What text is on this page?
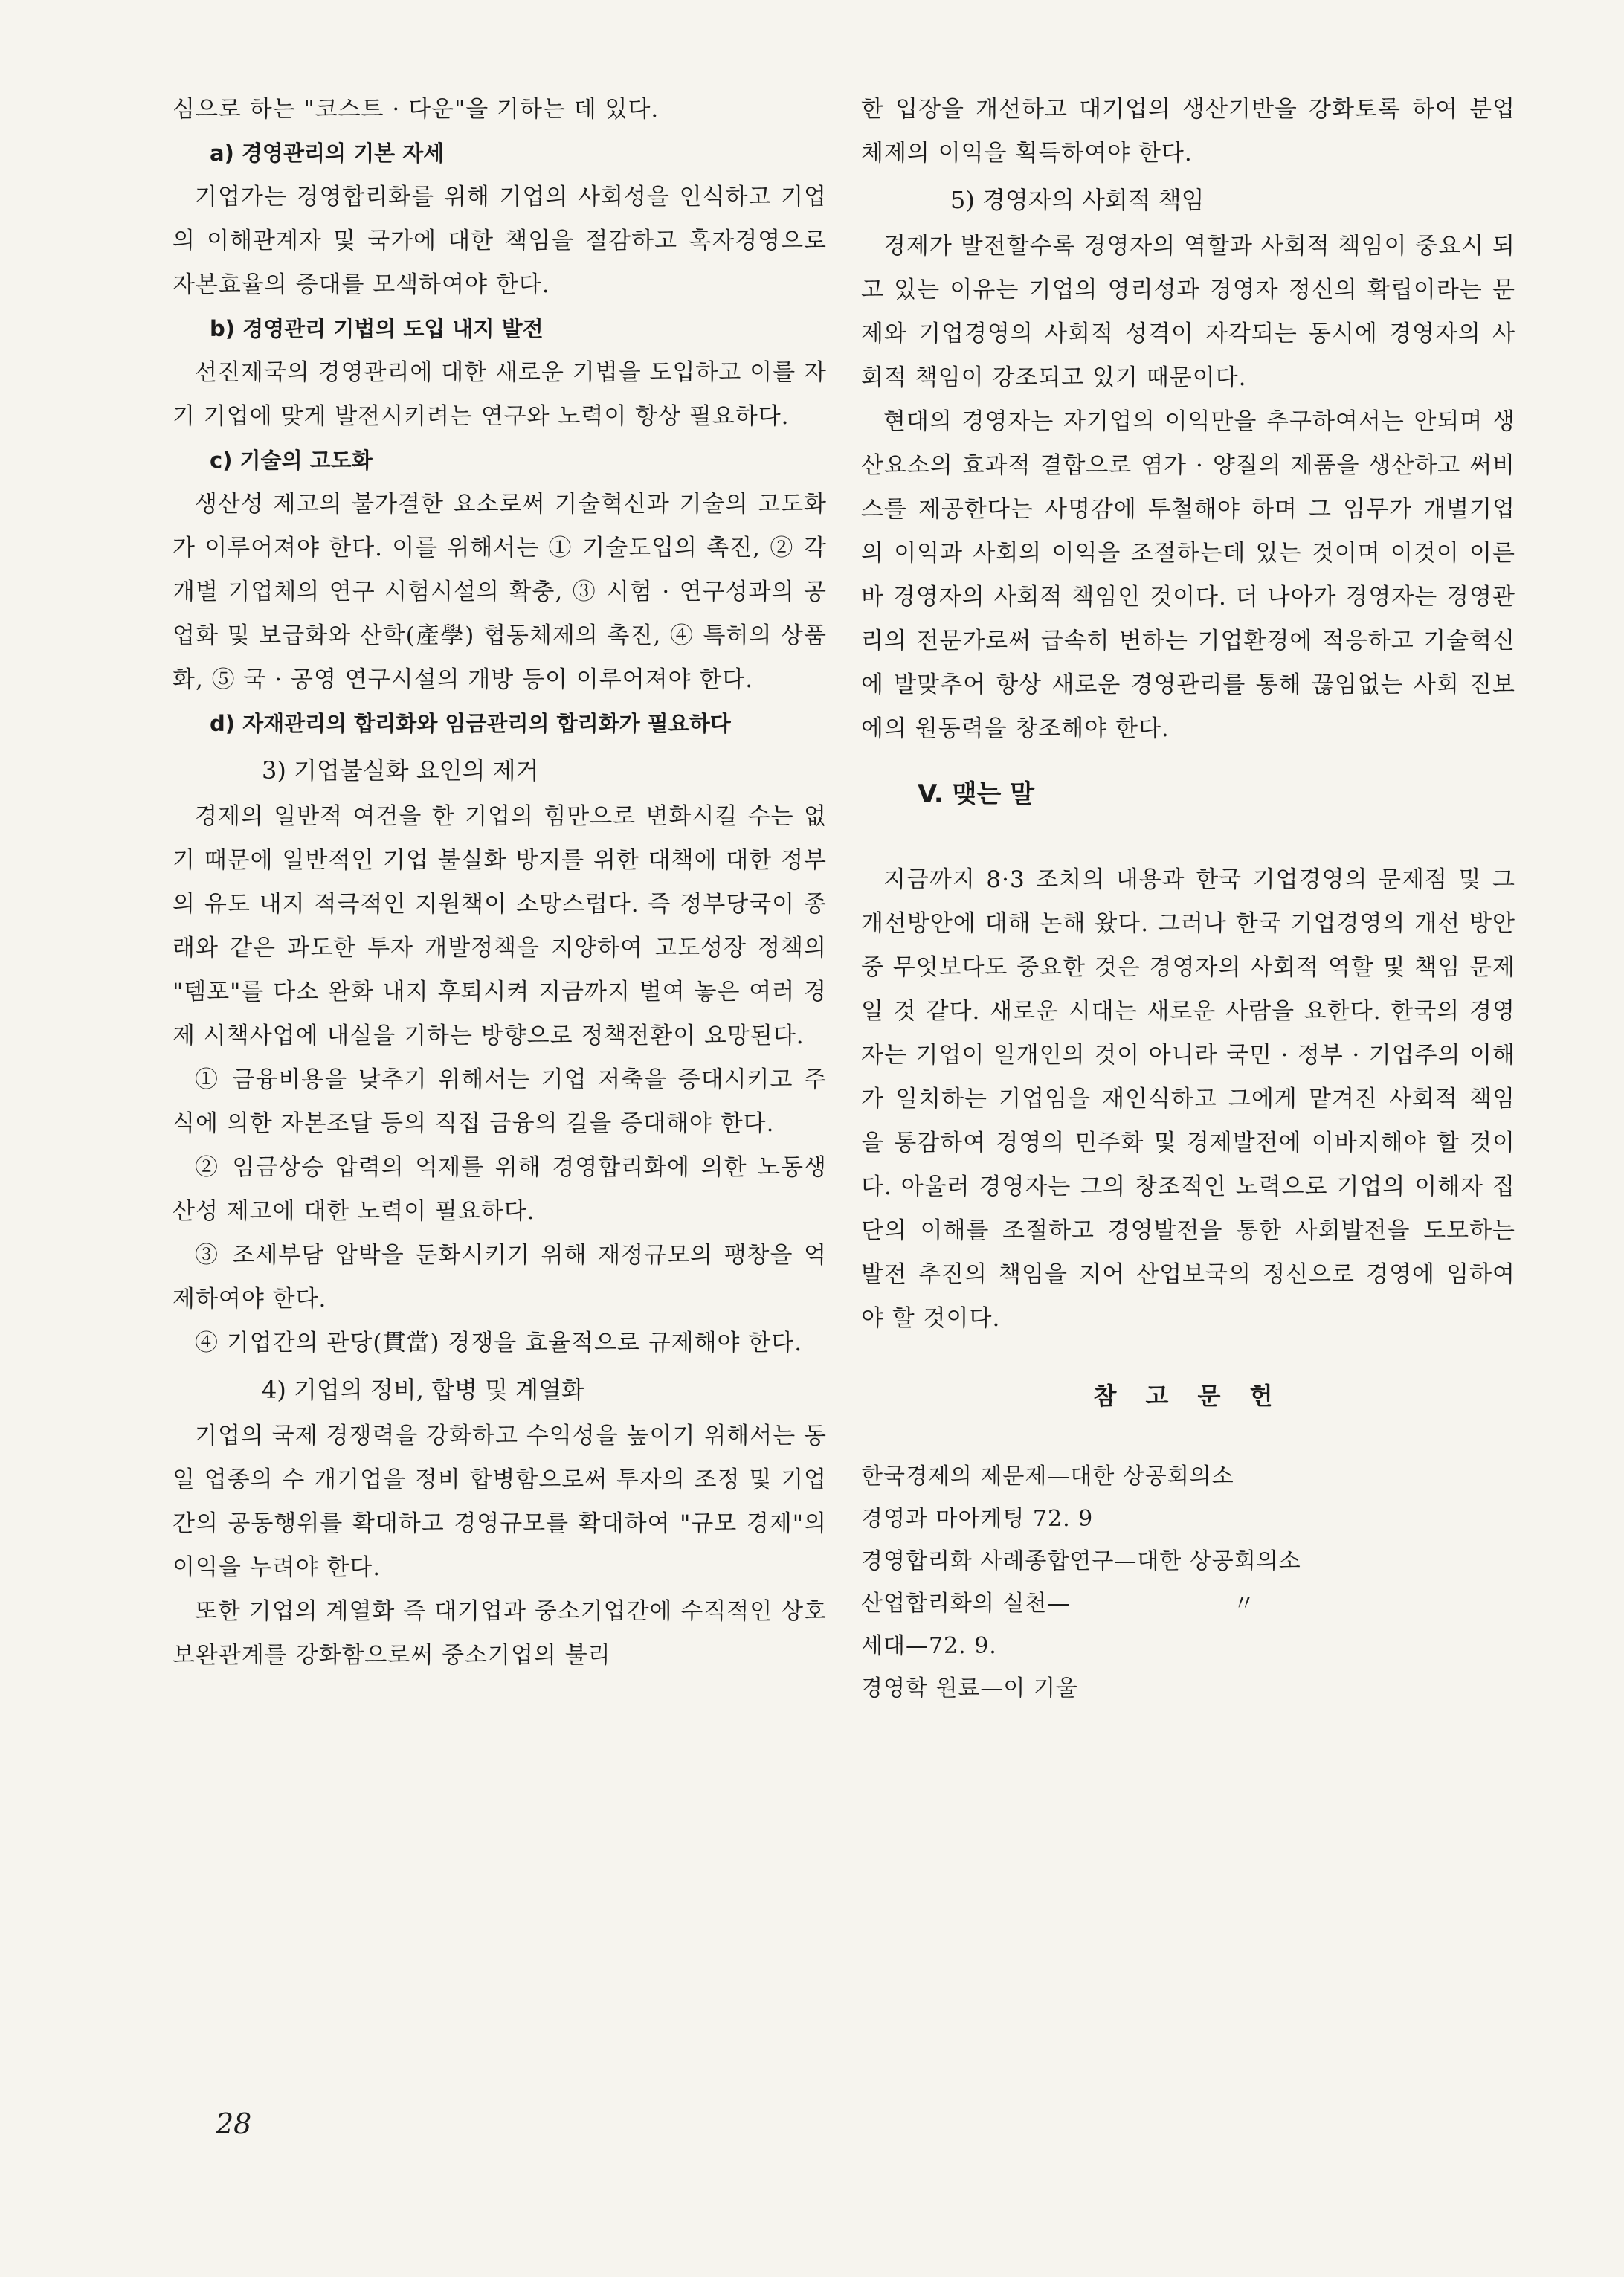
심으로 하는 "코스트 · 다운"을 기하는 데 있다.

a) 경영관리의 기본 자세

기업가는 경영합리화를 위해 기업의 사회성을 인식하고 기업의 이해관계자 및 국가에 대한 책임을 절감하고 혹자경영으로 자본효율의 증대를 모색하여야 한다.

b) 경영관리 기법의 도입 내지 발전

선진제국의 경영관리에 대한 새로운 기법을 도입하고 이를 자기 기업에 맞게 발전시키려는 연구와 노력이 항상 필요하다.

c) 기술의 고도화

생산성 제고의 불가결한 요소로써 기술혁신과 기술의 고도화가 이루어져야 한다. 이를 위해서는 ① 기술도입의 촉진, ② 각 개별 기업체의 연구 시험시설의 확충, ③ 시험 · 연구성과의 공업화 및 보급화와 산학(產學) 협동체제의 촉진, ④ 특허의 상품화, ⑤ 국 · 공영 연구시설의 개방 등이 이루어져야 한다.

d) 자재관리의 합리화와 임금관리의 합리화가 필요하다
3) 기업불실화 요인의 제거

경제의 일반적 여건을 한 기업의 힘만으로 변화시킬 수는 없기 때문에 일반적인 기업 불실화 방지를 위한 대책에 대한 정부의 유도 내지 적극적인 지원책이 소망스럽다. 즉 정부당국이 종래와 같은 과도한 투자 개발정책을 지양하여 고도성장 정책의 "템포"를 다소 완화 내지 후퇴시켜 지금까지 벌여 놓은 여러 경제 시책사업에 내실을 기하는 방향으로 정책전환이 요망된다.

① 금융비용을 낮추기 위해서는 기업 저축을 증대시키고 주식에 의한 자본조달 등의 직접 금융의 길을 증대해야 한다.

② 임금상승 압력의 억제를 위해 경영합리화에 의한 노동생산성 제고에 대한 노력이 필요하다.

③ 조세부담 압박을 둔화시키기 위해 재정규모의 팽창을 억제하여야 한다.

④ 기업간의 관당(貫當) 경쟁을 효율적으로 규제해야 한다.

4) 기업의 정비, 합병 및 계열화

기업의 국제 경쟁력을 강화하고 수익성을 높이기 위해서는 동일 업종의 수 개기업을 정비 합병함으로써 투자의 조정 및 기업간의 공동행위를 확대하고 경영규모를 확대하여 "규모 경제"의 이익을 누려야 한다.

또한 기업의 계열화 즉 대기업과 중소기업간에 수직적인 상호 보완관계를 강화함으로써 중소기업의 불리

한 입장을 개선하고 대기업의 생산기반을 강화토록 하여 분업체제의 이익을 획득하여야 한다.

5) 경영자의 사회적 책임

경제가 발전할수록 경영자의 역할과 사회적 책임이 중요시 되고 있는 이유는 기업의 영리성과 경영자 정신의 확립이라는 문제와 기업경영의 사회적 성격이 자각되는 동시에 경영자의 사회적 책임이 강조되고 있기 때문이다.

현대의 경영자는 자기업의 이익만을 추구하여서는 안되며 생산요소의 효과적 결합으로 염가 · 양질의 제품을 생산하고 써비스를 제공한다는 사명감에 투철해야 하며 그 임무가 개별기업의 이익과 사회의 이익을 조절하는데 있는 것이며 이것이 이른바 경영자의 사회적 책임인 것이다. 더 나아가 경영자는 경영관리의 전문가로써 급속히 변하는 기업환경에 적응하고 기술혁신에 발맞추어 항상 새로운 경영관리를 통해 끊임없는 사회 진보에의 원동력을 창조해야 한다.

V. 맺는 말

지금까지 8·3 조치의 내용과 한국 기업경영의 문제점 및 그 개선방안에 대해 논해 왔다. 그러나 한국 기업경영의 개선 방안 중 무엇보다도 중요한 것은 경영자의 사회적 역할 및 책임 문제일 것 같다. 새로운 시대는 새로운 사람을 요한다. 한국의 경영자는 기업이 일개인의 것이 아니라 국민 · 정부 · 기업주의 이해가 일치하는 기업임을 재인식하고 그에게 맡겨진 사회적 책임을 통감하여 경영의 민주화 및 경제발전에 이바지해야 할 것이다. 아울러 경영자는 그의 창조적인 노력으로 기업의 이해자 집단의 이해를 조절하고 경영발전을 통한 사회발전을 도모하는 발전 추진의 책임을 지어 산업보국의 정신으로 경영에 임하여야 할 것이다.

참 고 문 헌

한국경제의 제문제—대한 상공회의소

경영과 마아케팅 72. 9

경영합리화 사례종합연구—대한 상공회의소

산업합리화의 실천—	〃

세대—72. 9.

경영학 원료—이 기울

28
